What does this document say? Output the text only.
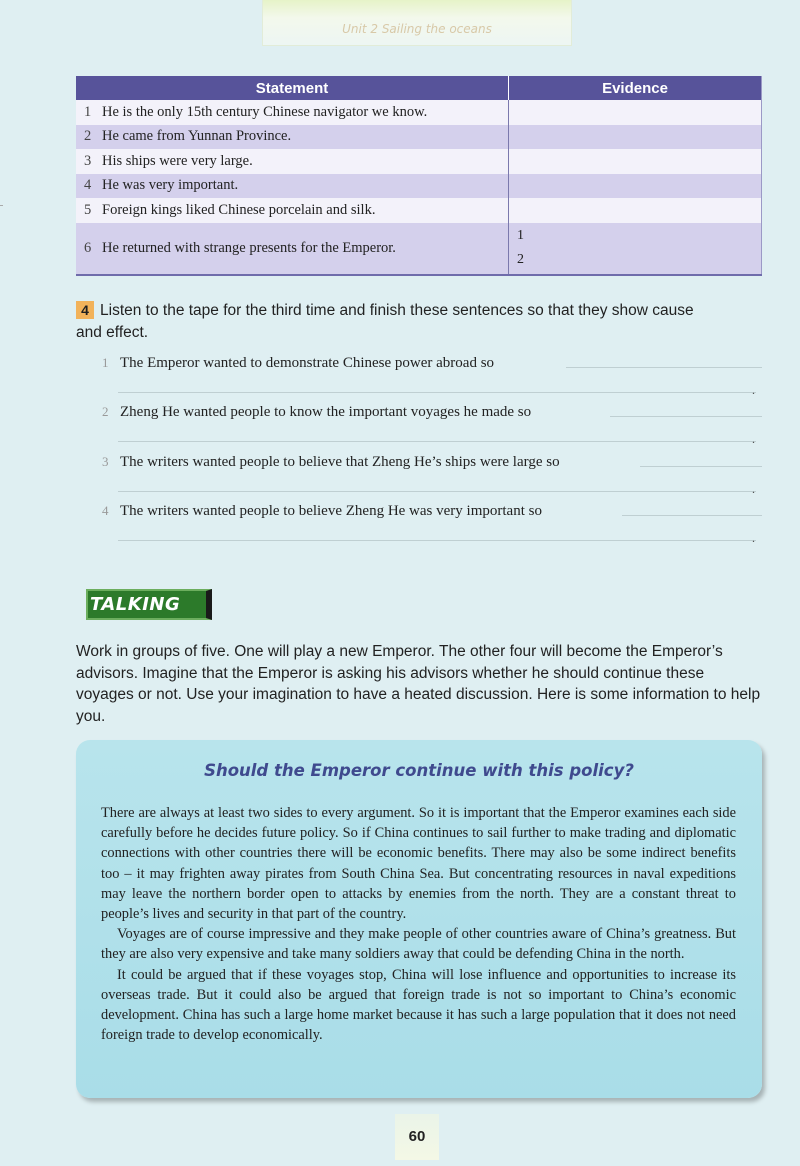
Unit 2 Sailing the oceans
Statement	Evidence
1 He is the only 15th century Chinese navigator we know.	
2 He came from Yunnan Province.	
3 His ships were very large.	
4 He was very important.	
5 Foreign kings liked Chinese porcelain and silk.	
6 He returned with strange presents for the Emperor.	1
2
4 Listen to the tape for the third time and finish these sentences so that they show cause
and effect.
1 The Emperor wanted to demonstrate Chinese power abroad so
.
2 Zheng He wanted people to know the important voyages he made so
.
3 The writers wanted people to believe that Zheng He’s ships were large so
.
4 The writers wanted people to believe Zheng He was very important so
.
TALKING
Work in groups of five. One will play a new Emperor. The other four will become the Emperor’s advisors. Imagine that the Emperor is asking his advisors whether he should continue these voyages or not. Use your imagination to have a heated discussion. Here is some information to help you.
Should the Emperor continue with this policy?

There are always at least two sides to every argument. So it is important that the Emperor examines each side carefully before he decides future policy. So if China continues to sail further to make trading and diplomatic connections with other countries there will be economic benefits. There may also be some indirect benefits too – it may frighten away pirates from South China Sea. But concentrating resources in naval expeditions may leave the northern border open to attacks by enemies from the north. They are a constant threat to people’s lives and security in that part of the country.

Voyages are of course impressive and they make people of other countries aware of China’s greatness. But they are also very expensive and take many soldiers away that could be defending China in the north.

It could be argued that if these voyages stop, China will lose influence and opportunities to increase its overseas trade. But it could also be argued that foreign trade is not so important to China’s economic development. China has such a large home market because it has such a large population that it does not need foreign trade to develop economically.

60
